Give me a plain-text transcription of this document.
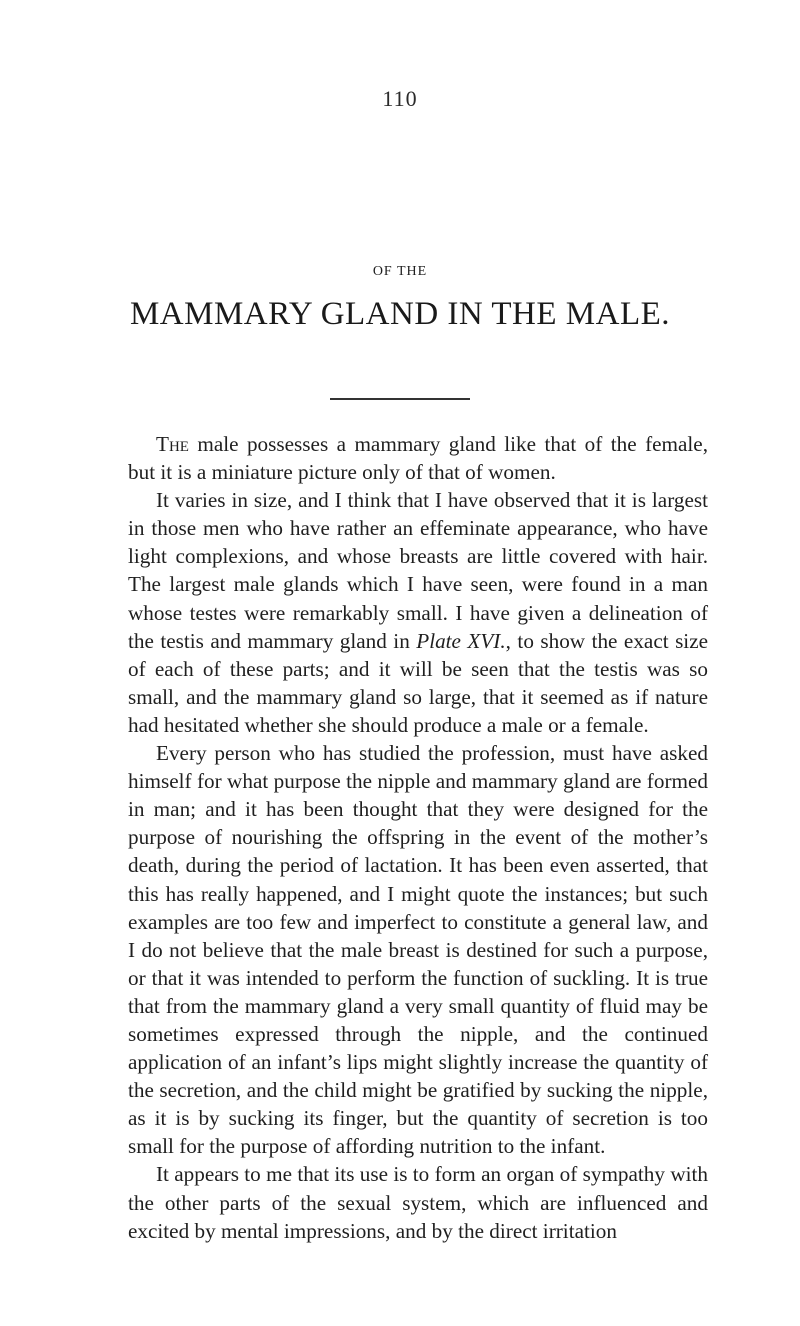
110
OF THE
MAMMARY GLAND IN THE MALE.

The male possesses a mammary gland like that of the female, but it is a miniature picture only of that of women.

It varies in size, and I think that I have observed that it is largest in those men who have rather an effeminate appearance, who have light complexions, and whose breasts are little covered with hair. The largest male glands which I have seen, were found in a man whose testes were remarkably small. I have given a delineation of the testis and mammary gland in Plate XVI., to show the exact size of each of these parts; and it will be seen that the testis was so small, and the mammary gland so large, that it seemed as if nature had hesitated whether she should produce a male or a female.

Every person who has studied the profession, must have asked himself for what purpose the nipple and mammary gland are formed in man; and it has been thought that they were designed for the purpose of nourishing the offspring in the event of the mother’s death, during the period of lactation. It has been even asserted, that this has really happened, and I might quote the instances; but such examples are too few and imperfect to constitute a general law, and I do not believe that the male breast is destined for such a purpose, or that it was intended to perform the function of suckling. It is true that from the mammary gland a very small quantity of fluid may be sometimes expressed through the nipple, and the continued application of an infant’s lips might slightly increase the quantity of the secretion, and the child might be gratified by sucking the nipple, as it is by sucking its finger, but the quantity of secretion is too small for the purpose of affording nutrition to the infant.

It appears to me that its use is to form an organ of sympathy with the other parts of the sexual system, which are influenced and excited by mental impressions, and by the direct irritation
